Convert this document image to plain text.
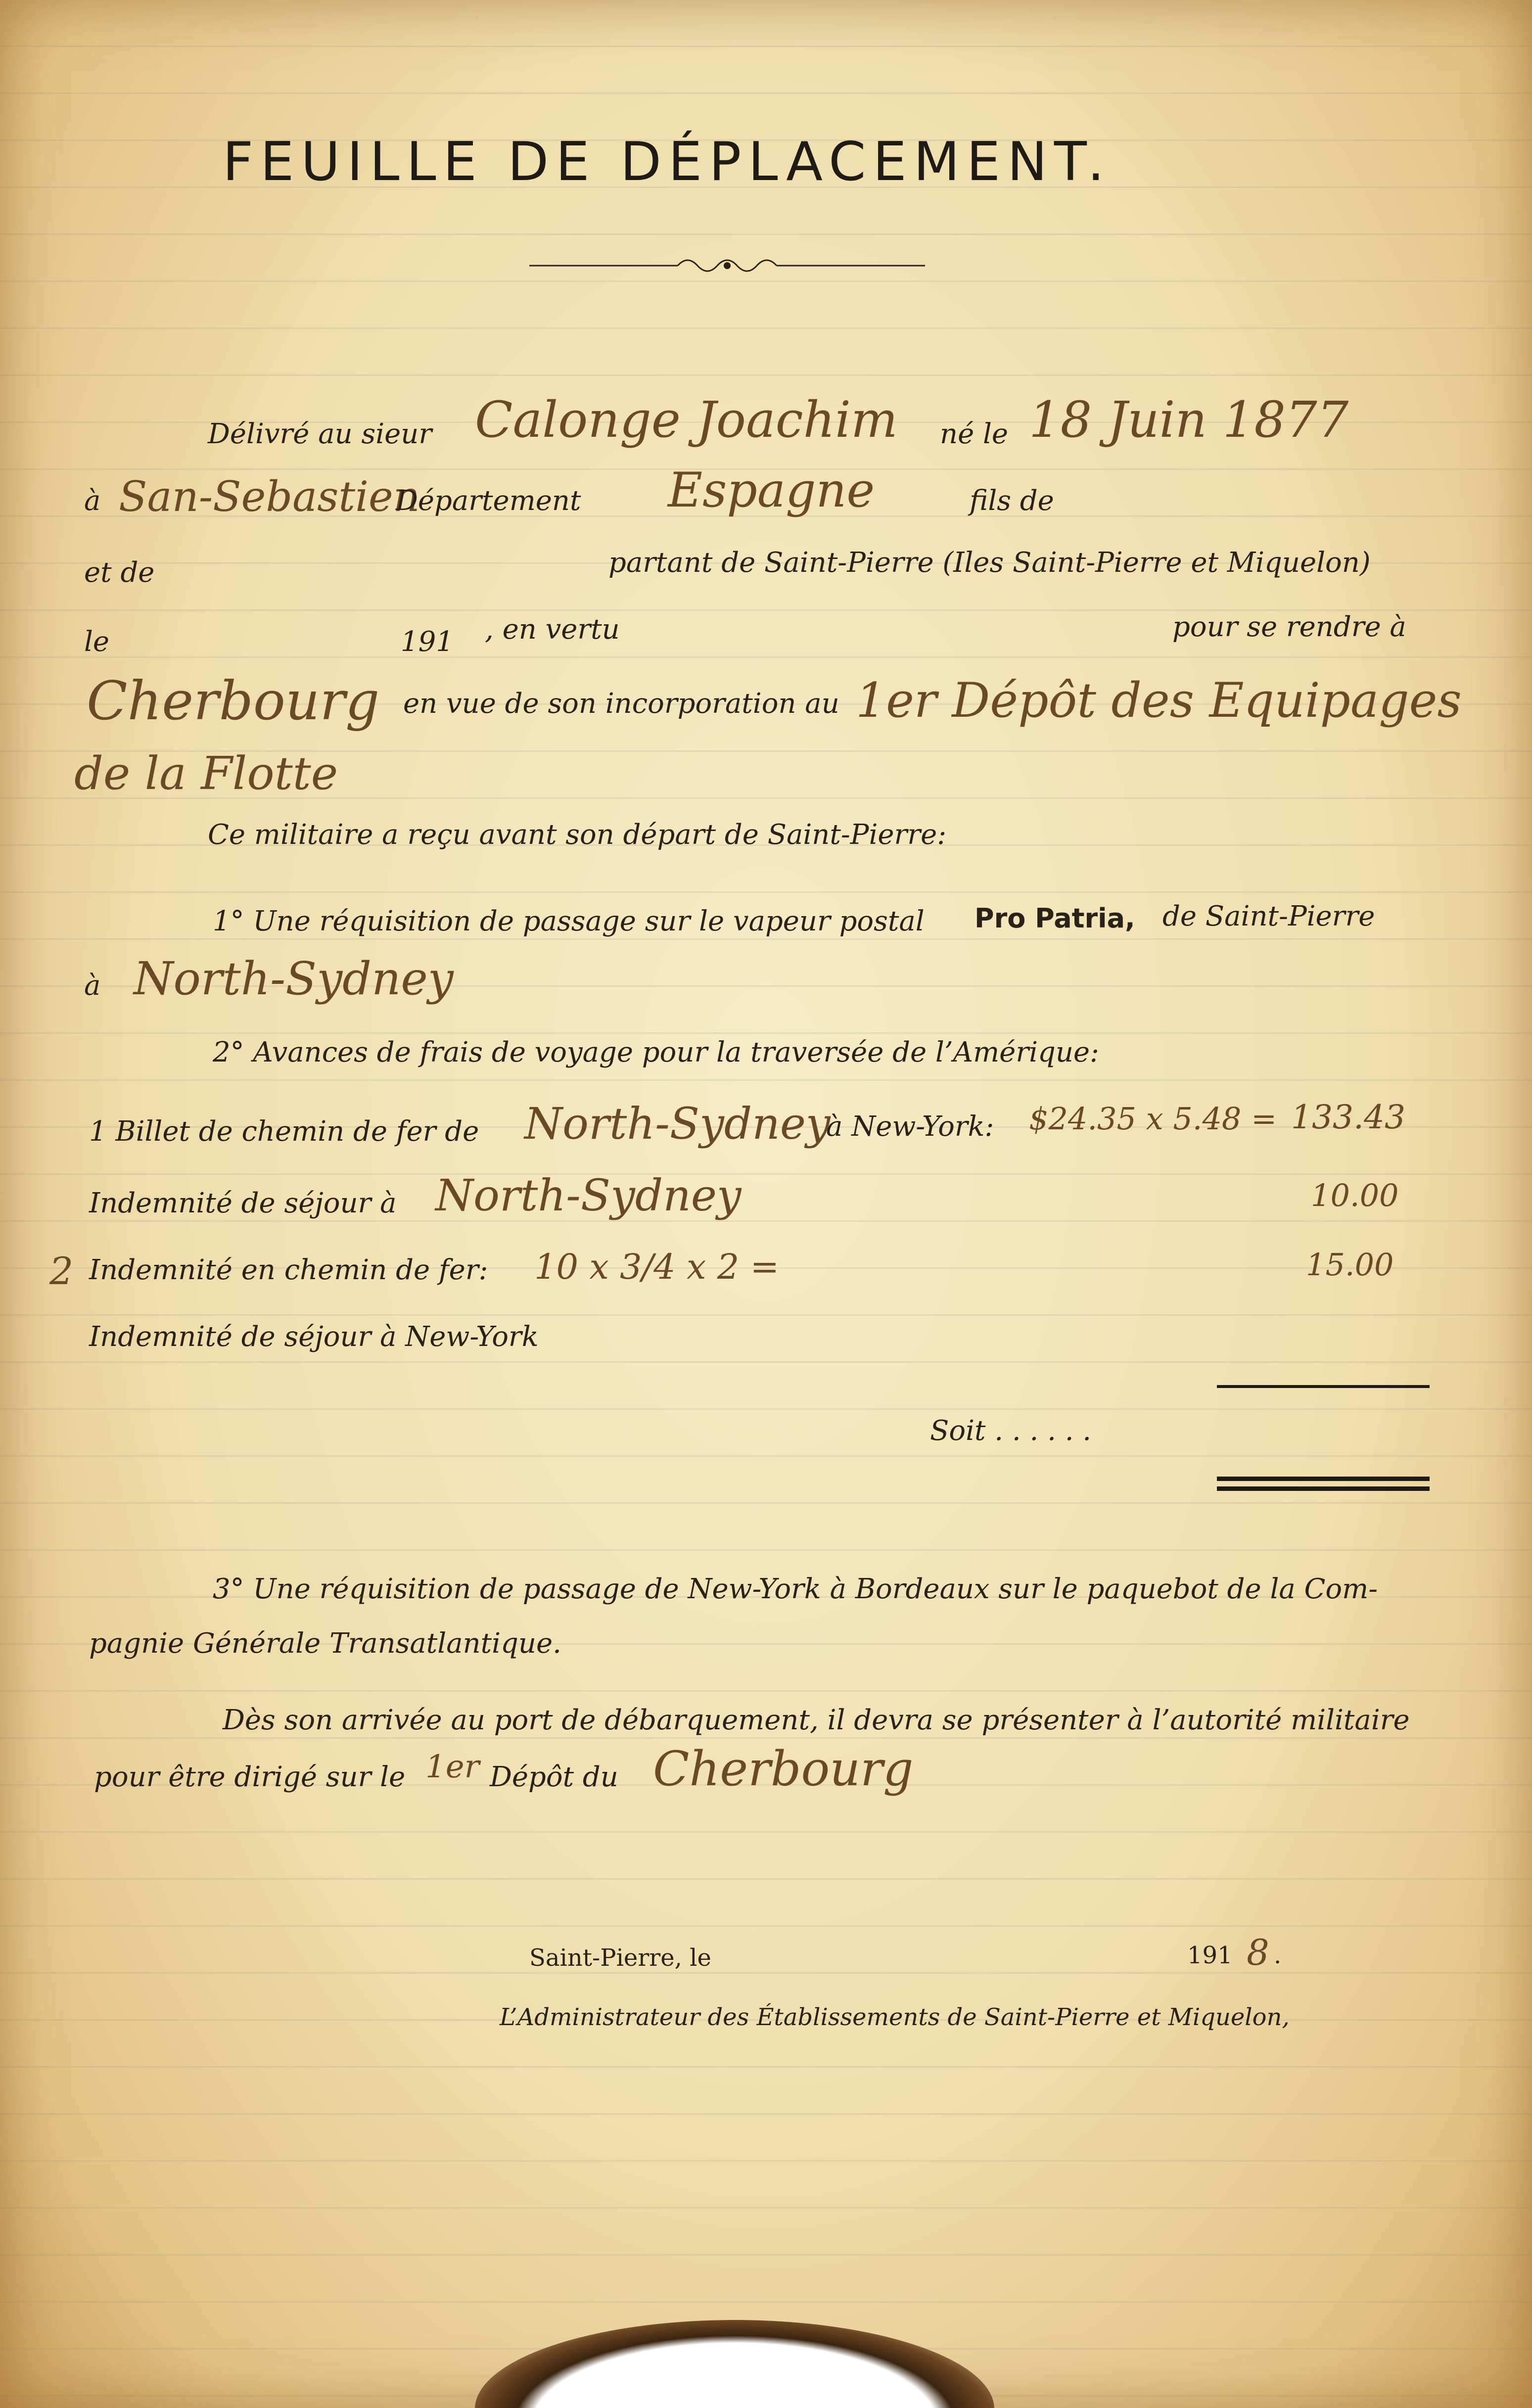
FEUILLE DE DÉPLACEMENT.
Délivré au sieur Calonge Joachim né le 18 Juin 1877
à San-Sebastien
Département Espagne	fils de
et de	partant de Saint-Pierre (Iles Saint-Pierre et Miquelon)
le	191 , en vertu	pour se rendre à
Cherbourg en vue de son incorporation au 1er Dépôt des Equipages
de la Flotte
Ce militaire a reçu avant son départ de Saint-Pierre:
1° Une réquisition de passage sur le vapeur postal Pro Patria, de Saint-Pierre
à North-Sydney
2° Avances de frais de voyage pour la traversée de l’Amérique:
1 Billet de chemin de fer de North-Sydney
à New-York: $24.35 x 5.48 = 133.43
Indemnité de séjour à North-Sydney	10.00
2 Indemnité en chemin de fer: 10 x 3/4 x 2 =	15.00
Indemnité de séjour à New-York
Soit . . . . . .
3° Une réquisition de passage de New-York à Bordeaux sur le paquebot de la Com-
pagnie Générale Transatlantique.
Dès son arrivée au port de débarquement, il devra se présenter à l’autorité militaire
pour être dirigé sur le 1er Dépôt du Cherbourg
Saint-Pierre, le	191 8 .
L’Administrateur des Établissements de Saint-Pierre et Miquelon,
